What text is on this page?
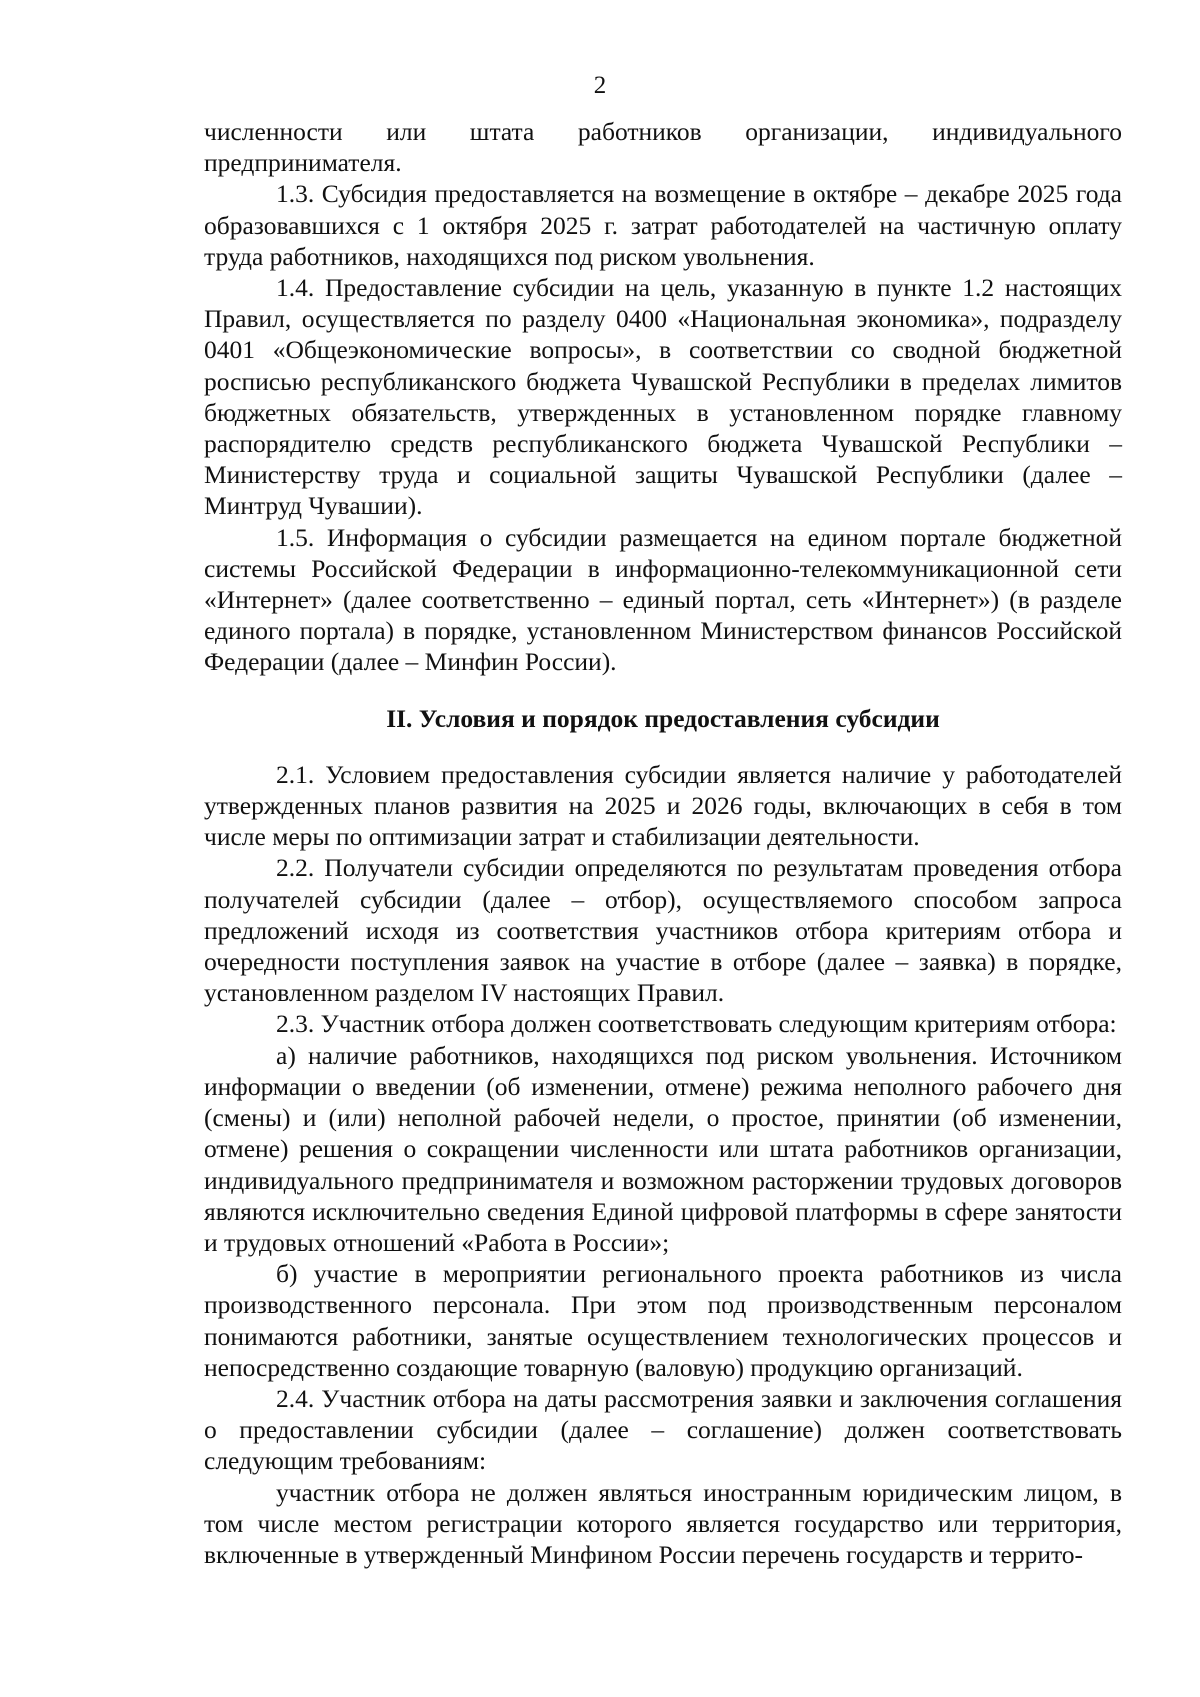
2

численности или штата работников организации, индивидуального предпринимателя.

1.3. Субсидия предоставляется на возмещение в октябре – декабре 2025 года образовавшихся с 1 октября 2025 г. затрат работодателей на частичную оплату труда работников, находящихся под риском увольнения.

1.4. Предоставление субсидии на цель, указанную в пункте 1.2 настоящих Правил, осуществляется по разделу 0400 «Национальная экономика», подразделу 0401 «Общеэкономические вопросы», в соответствии со сводной бюджетной росписью республиканского бюджета Чувашской Республики в пределах лимитов бюджетных обязательств, утвержденных в установленном порядке главному распорядителю средств республиканского бюджета Чувашской Республики – Министерству труда и социальной защиты Чувашской Республики (далее – Минтруд Чувашии).

1.5. Информация о субсидии размещается на едином портале бюджетной системы Российской Федерации в информационно-телекоммуникационной сети «Интернет» (далее соответственно – единый портал, сеть «Интернет») (в разделе единого портала) в порядке, установленном Министерством финансов Российской Федерации (далее – Минфин России).

II. Условия и порядок предоставления субсидии

2.1. Условием предоставления субсидии является наличие у работодателей утвержденных планов развития на 2025 и 2026 годы, включающих в себя в том числе меры по оптимизации затрат и стабилизации деятельности.

2.2. Получатели субсидии определяются по результатам проведения отбора получателей субсидии (далее – отбор), осуществляемого способом запроса предложений исходя из соответствия участников отбора критериям отбора и очередности поступления заявок на участие в отборе (далее – заявка) в порядке, установленном разделом IV настоящих Правил.

2.3. Участник отбора должен соответствовать следующим критериям отбора:

а) наличие работников, находящихся под риском увольнения. Источником информации о введении (об изменении, отмене) режима неполного рабочего дня (смены) и (или) неполной рабочей недели, о простое, принятии (об изменении, отмене) решения о сокращении численности или штата работников организации, индивидуального предпринимателя и возможном расторжении трудовых договоров являются исключительно сведения Единой цифровой платформы в сфере занятости и трудовых отношений «Работа в России»;

б) участие в мероприятии регионального проекта работников из числа производственного персонала. При этом под производственным персоналом понимаются работники, занятые осуществлением технологических процессов и непосредственно создающие товарную (валовую) продукцию организаций.

2.4. Участник отбора на даты рассмотрения заявки и заключения соглашения о предоставлении субсидии (далее – соглашение) должен соответствовать следующим требованиям:

участник отбора не должен являться иностранным юридическим лицом, в том числе местом регистрации которого является государство или территория, включенные в утвержденный Минфином России перечень государств и террито-
